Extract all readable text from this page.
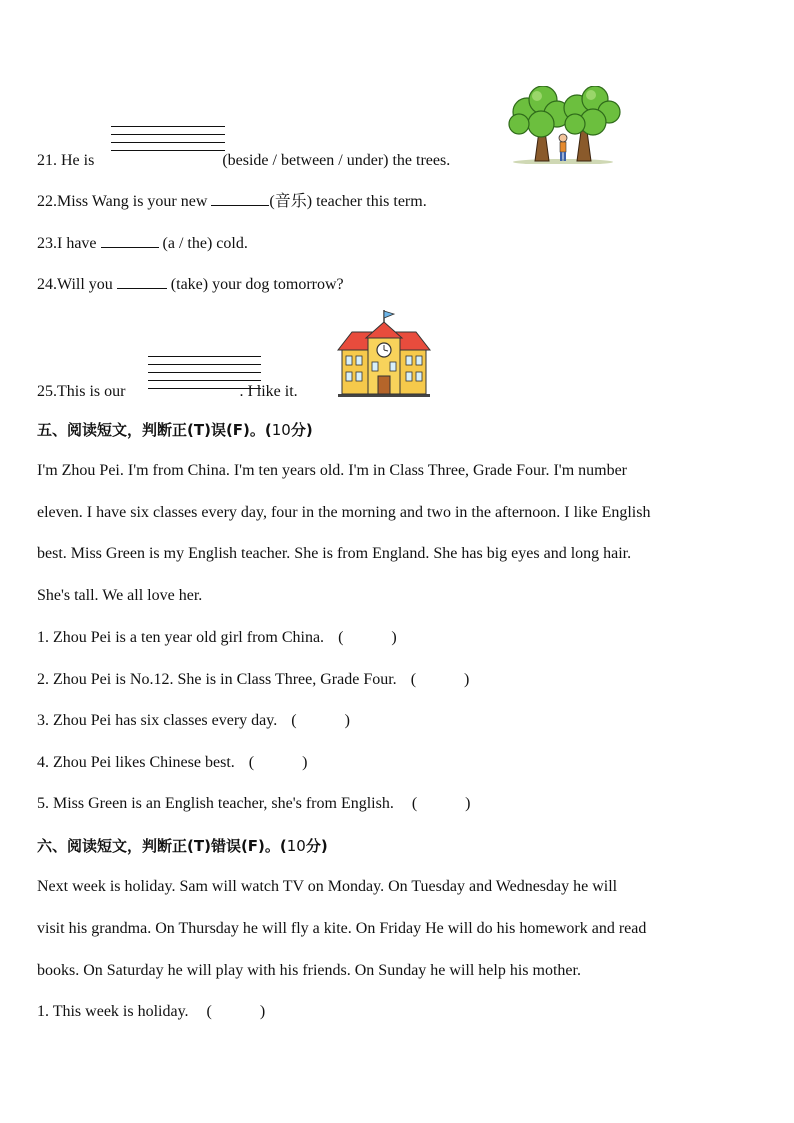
21. He is	(beside / between / under) the trees.
22.Miss Wang is your new	(音乐) teacher this term.
23.I have	(a / the) cold.
24.Will you	(take) your dog tomorrow?
25.This is our	. I like it.
五、阅读短文，判断正(T)误(F)。(10分)
I'm Zhou Pei. I'm from China. I'm ten years old. I'm in Class Three, Grade Four. I'm number
eleven. I have six classes every day, four in the morning and two in the afternoon. I like English
best. Miss Green is my English teacher. She is from England. She has big eyes and long hair.
She's tall. We all love her.
1. Zhou Pei is a ten year old girl from China. (　　　)
2. Zhou Pei is No.12. She is in Class Three, Grade Four. (　　　)
3. Zhou Pei has six classes every day. (　　　)
4. Zhou Pei likes Chinese best. (　　　)
5. Miss Green is an English teacher, she's from English. (　　　)
六、阅读短文，判断正(T)错误(F)。(10分)
Next week is holiday. Sam will watch TV on Monday. On Tuesday and Wednesday he will
visit his grandma. On Thursday he will fly a kite. On Friday He will do his homework and read
books. On Saturday he will play with his friends. On Sunday he will help his mother.
1. This week is holiday. (　　　)
